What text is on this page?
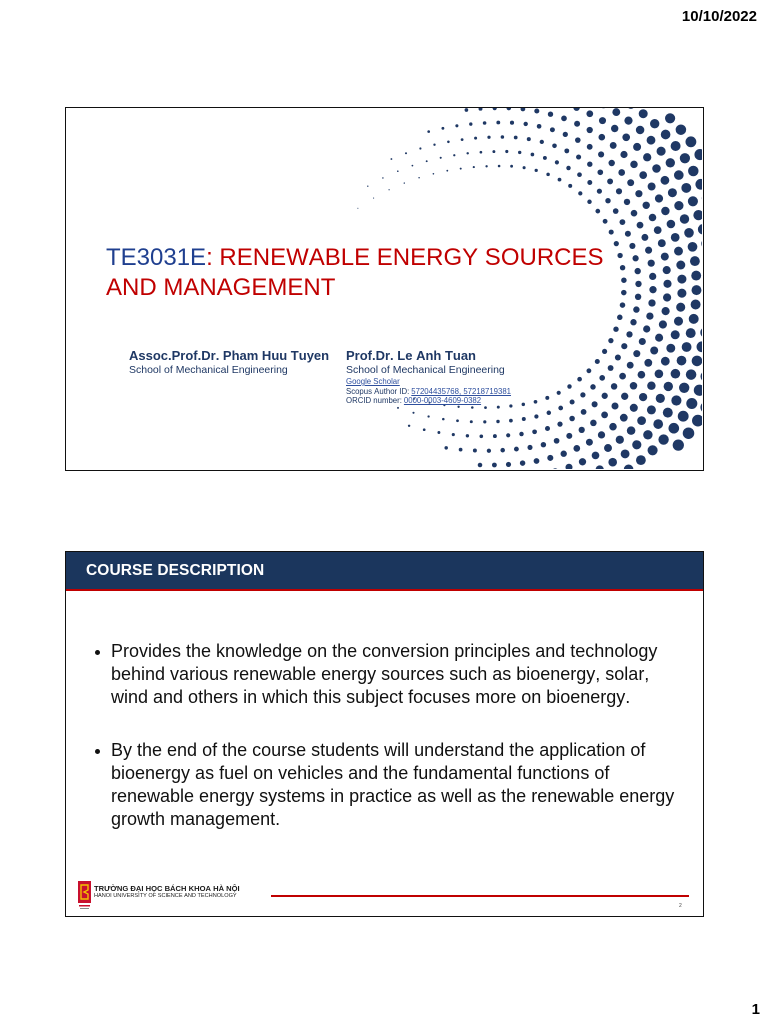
10/10/2022
TE3031E: RENEWABLE ENERGY SOURCES AND MANAGEMENT
Assoc.Prof.Dr. Pham Huu Tuyen
School of Mechanical Engineering
Prof.Dr. Le Anh Tuan
School of Mechanical Engineering
Google Scholar
Scopus Author ID: 57204435768, 57218719381
ORCID number: 0000-0003-4609-0382
COURSE DESCRIPTION
Provides the knowledge on the conversion principles and technology behind various renewable energy sources such as bioenergy, solar, wind and others in which this subject focuses more on bioenergy.
By the end of the course students will understand the application of bioenergy as fuel on vehicles and the fundamental functions of renewable energy systems in practice as well as the renewable energy growth management.
TRƯỜNG ĐẠI HỌC BÁCH KHOA HÀ NỘI
HANOI UNIVERSITY OF SCIENCE AND TECHNOLOGY
2
1
